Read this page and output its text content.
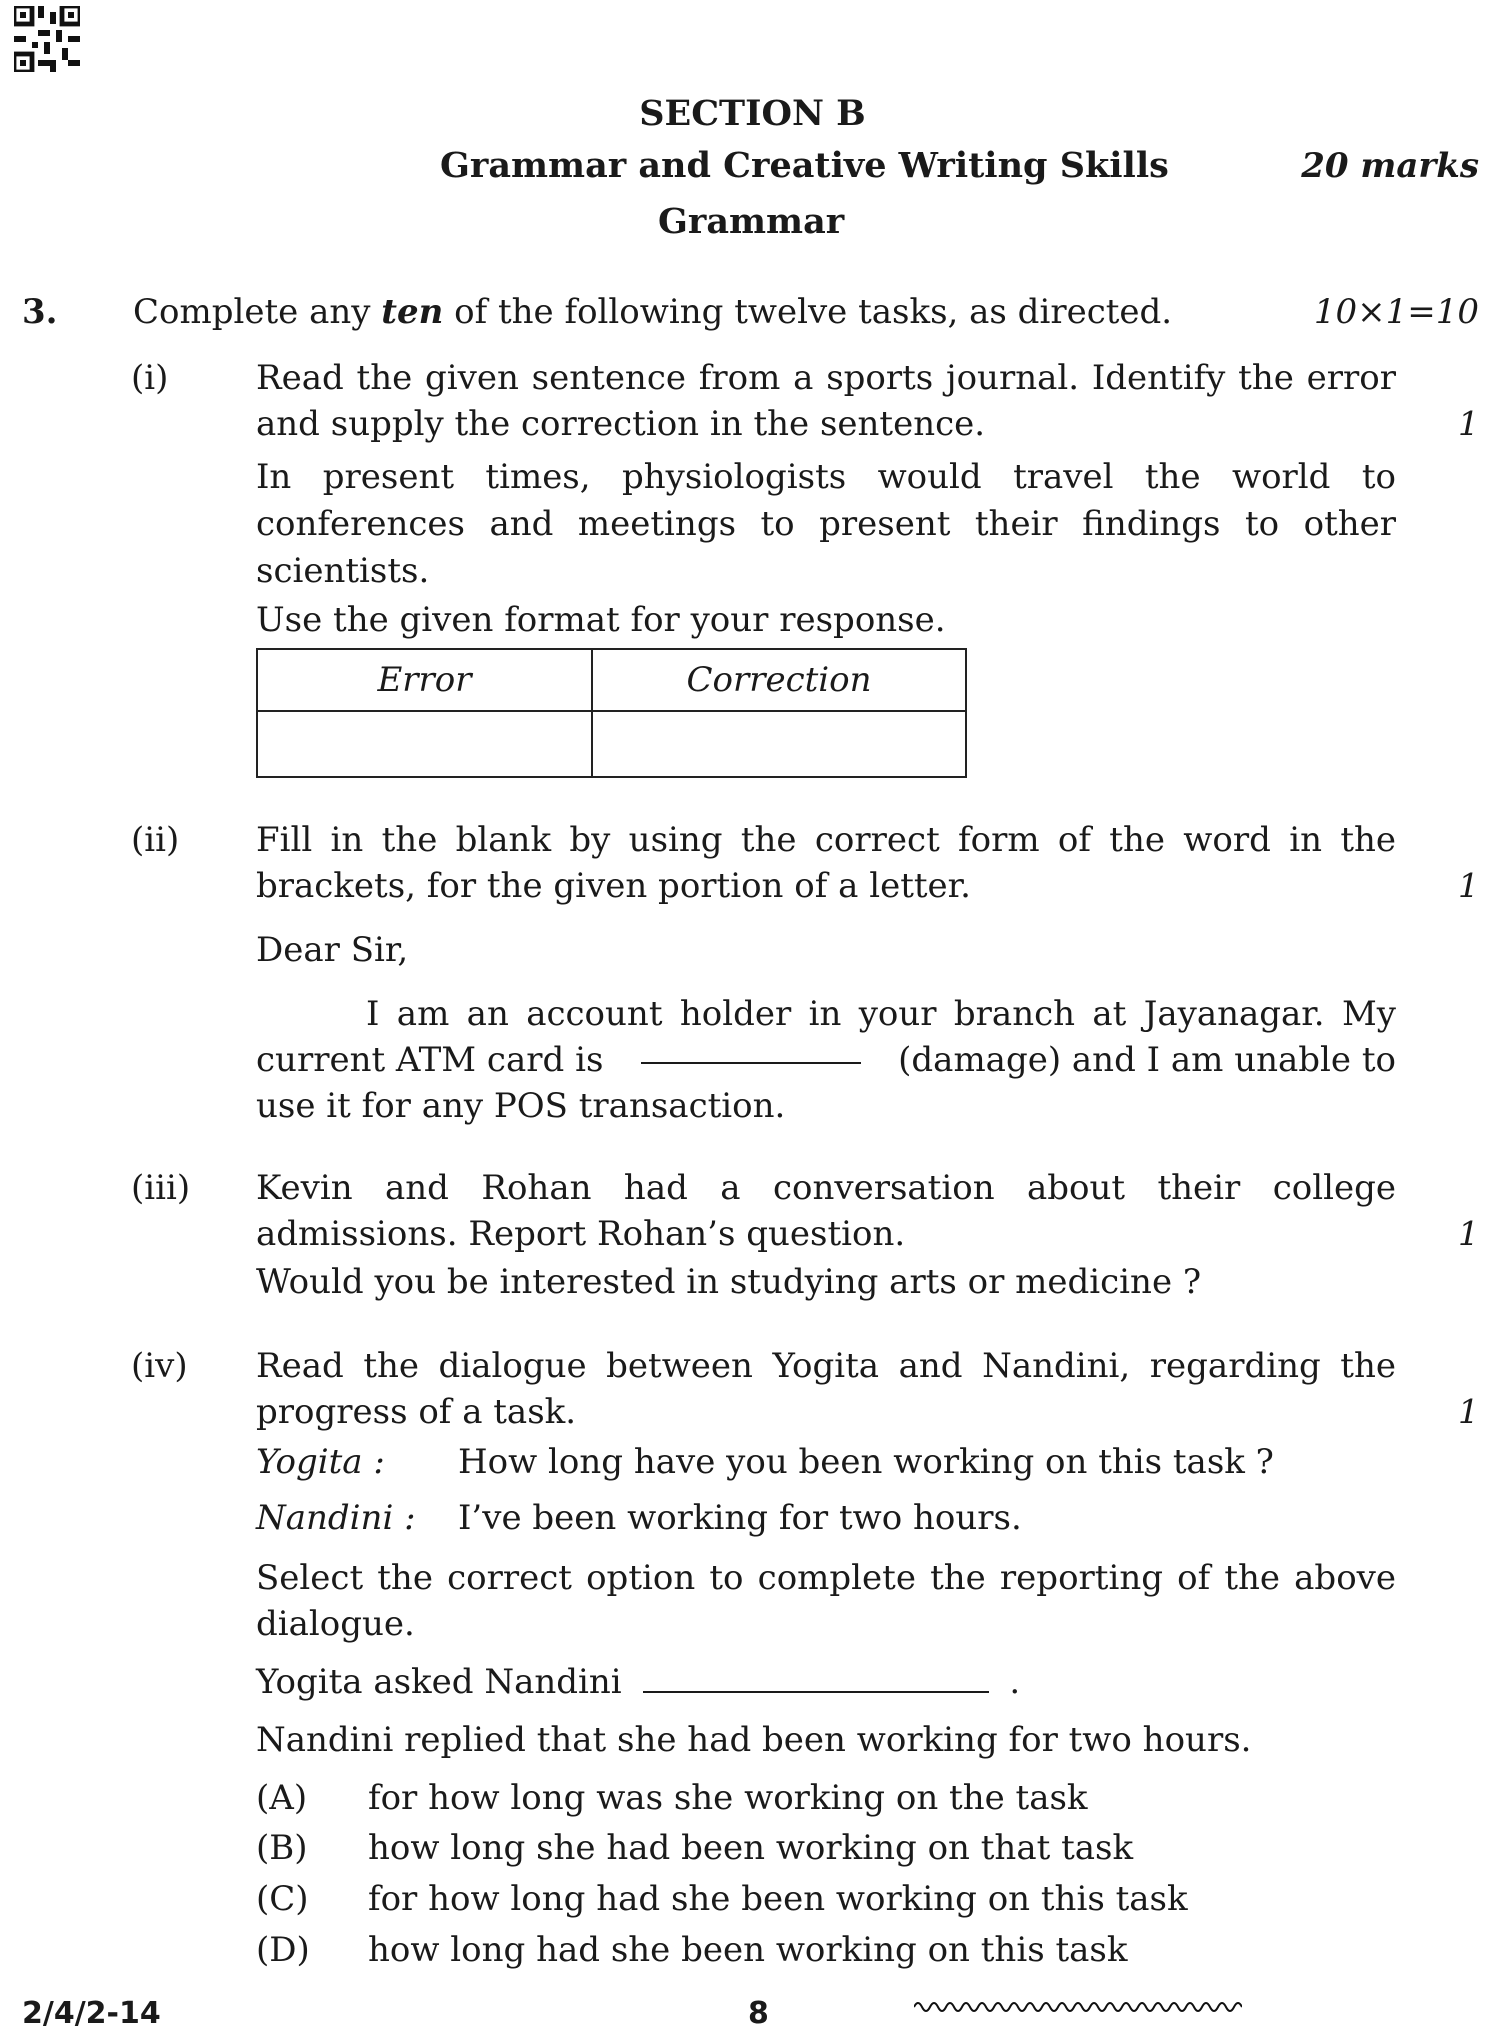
SECTION B
Grammar and Creative Writing Skills	20 marks
Grammar
3. Complete any ten of the following twelve tasks, as directed.	10×1=10
(i)	Read the given sentence from a sports journal. Identify the error
and supply the correction in the sentence.	1
In present times, physiologists would travel the world to
conferences and meetings to present their findings to other
scientists.
Use the given format for your response.
Error	Correction

(ii) Fill in the blank by using the correct form of the word in the
brackets, for the given portion of a letter.	1
Dear Sir,
I am an account holder in your branch at Jayanagar. My
current ATM card is	(damage) and I am unable to
use it for any POS transaction.
(iii) Kevin and Rohan had a conversation about their college
admissions. Report Rohan’s question.	1
Would you be interested in studying arts or medicine ?
(iv) Read the dialogue between Yogita and Nandini, regarding the
progress of a task.	1
Yogita : How long have you been working on this task ?
Nandini : I’ve been working for two hours.
Select the correct option to complete the reporting of the above
dialogue.
Yogita asked Nandini	.
Nandini replied that she had been working for two hours.
(A) for how long was she working on the task
(B) how long she had been working on that task
(C) for how long had she been working on this task
(D) how long had she been working on this task
2/4/2-14	8
